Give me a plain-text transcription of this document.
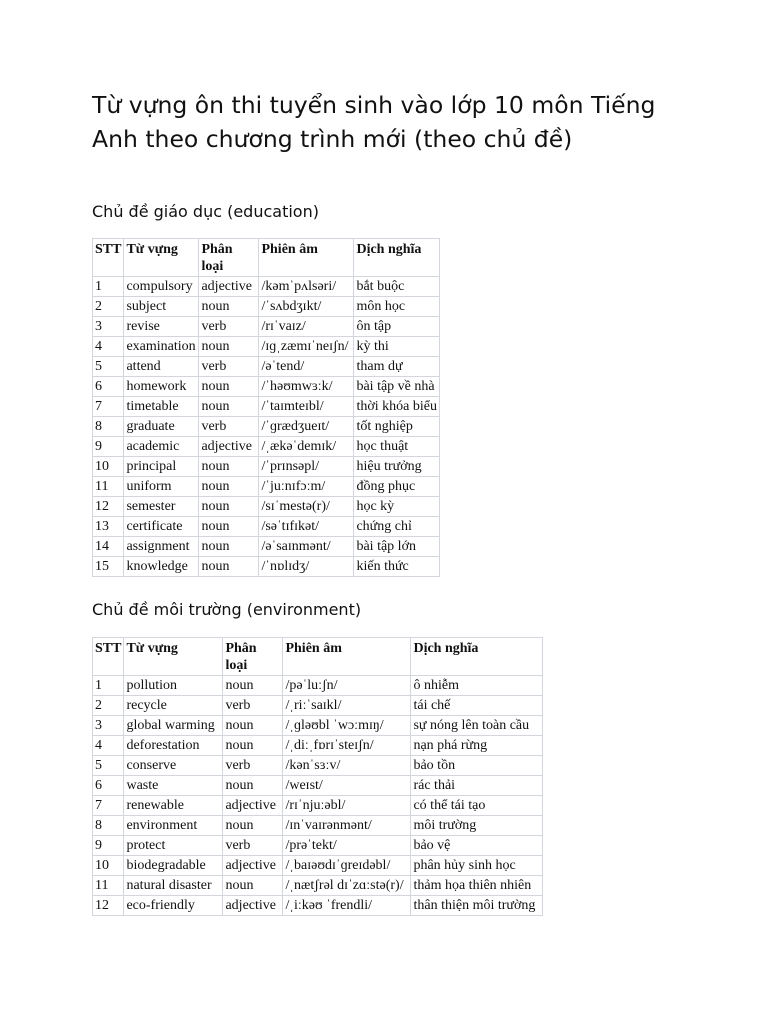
Từ vựng ôn thi tuyển sinh vào lớp 10 môn Tiếng Anh theo chương trình mới (theo chủ đề)
Chủ đề giáo dục (education)
STT	Từ vựng	Phân loại	Phiên âm	Dịch nghĩa
1	compulsory	adjective	/kəmˈpʌlsəri/	bắt buộc
2	subject	noun	/ˈsʌbdʒɪkt/	môn học
3	revise	verb	/rɪˈvaɪz/	ôn tập
4	examination	noun	/ɪɡˌzæmɪˈneɪʃn/	kỳ thi
5	attend	verb	/əˈtend/	tham dự
6	homework	noun	/ˈhəʊmwɜːk/	bài tập về nhà
7	timetable	noun	/ˈtaɪmteɪbl/	thời khóa biểu
8	graduate	verb	/ˈɡrædʒueɪt/	tốt nghiệp
9	academic	adjective	/ˌækəˈdemɪk/	học thuật
10	principal	noun	/ˈprɪnsəpl/	hiệu trưởng
11	uniform	noun	/ˈjuːnɪfɔːm/	đồng phục
12	semester	noun	/sɪˈmestə(r)/	học kỳ
13	certificate	noun	/səˈtɪfɪkət/	chứng chỉ
14	assignment	noun	/əˈsaɪnmənt/	bài tập lớn
15	knowledge	noun	/ˈnɒlɪdʒ/	kiến thức
Chủ đề môi trường (environment)
STT	Từ vựng	Phân loại	Phiên âm	Dịch nghĩa
1	pollution	noun	/pəˈluːʃn/	ô nhiễm
2	recycle	verb	/ˌriːˈsaɪkl/	tái chế
3	global warming	noun	/ˌɡləʊbl ˈwɔːmɪŋ/	sự nóng lên toàn cầu
4	deforestation	noun	/ˌdiːˌfɒrɪˈsteɪʃn/	nạn phá rừng
5	conserve	verb	/kənˈsɜːv/	bảo tồn
6	waste	noun	/weɪst/	rác thải
7	renewable	adjective	/rɪˈnjuːəbl/	có thể tái tạo
8	environment	noun	/ɪnˈvaɪrənmənt/	môi trường
9	protect	verb	/prəˈtekt/	bảo vệ
10	biodegradable	adjective	/ˌbaɪəʊdɪˈɡreɪdəbl/	phân hủy sinh học
11	natural disaster	noun	/ˌnætʃrəl dɪˈzɑːstə(r)/	thảm họa thiên nhiên
12	eco-friendly	adjective	/ˌiːkəʊ ˈfrendli/	thân thiện môi trường
